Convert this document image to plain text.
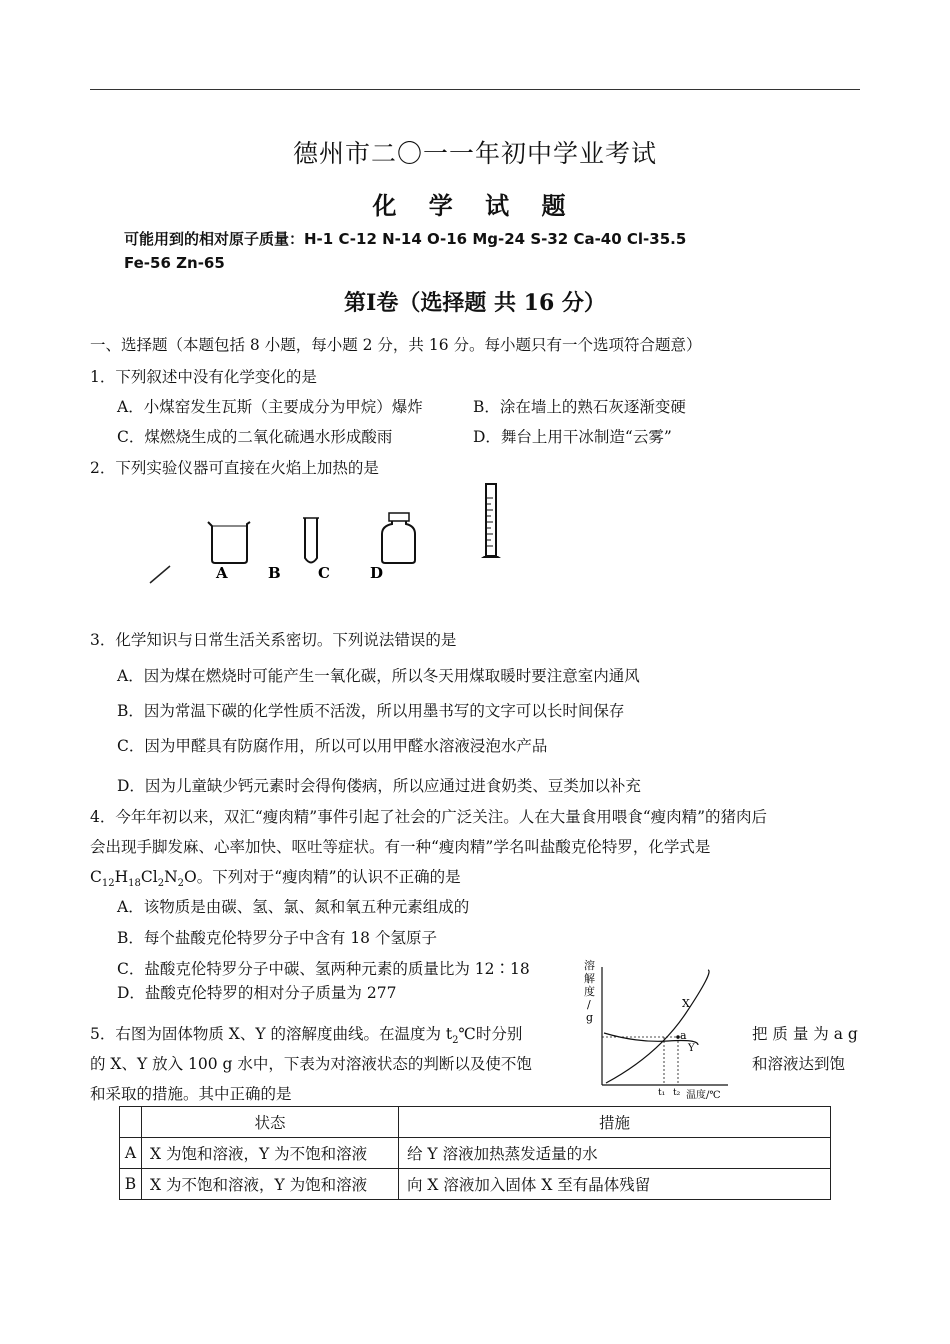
德州市二〇一一年初中学业考试
化 学 试 题
可能用到的相对原子质量：H-1 C-12 N-14 O-16 Mg-24 S-32 Ca-40 Cl-35.5
Fe-56 Zn-65
第Ⅰ卷（选择题 共 16 分）
一、选择题（本题包括 8 小题，每小题 2 分，共 16 分。每小题只有一个选项符合题意）
1．下列叙述中没有化学变化的是
A．小煤窑发生瓦斯（主要成分为甲烷）爆炸	B．涂在墙上的熟石灰逐渐变硬
C．煤燃烧生成的二氧化硫遇水形成酸雨	D．舞台上用干冰制造“云雾”
2．下列实验仪器可直接在火焰上加热的是
A	B C	D
3．化学知识与日常生活关系密切。下列说法错误的是
A．因为煤在燃烧时可能产生一氧化碳，所以冬天用煤取暖时要注意室内通风
B．因为常温下碳的化学性质不活泼，所以用墨书写的文字可以长时间保存
C．因为甲醛具有防腐作用，所以可以用甲醛水溶液浸泡水产品
D．因为儿童缺少钙元素时会得佝偻病，所以应通过进食奶类、豆类加以补充
4．今年年初以来，双汇“瘦肉精”事件引起了社会的广泛关注。人在大量食用喂食“瘦肉精”的猪肉后
会出现手脚发麻、心率加快、呕吐等症状。有一种“瘦肉精”学名叫盐酸克伦特罗，化学式是
$C_{12}H_{18}Cl_2N_2O$。下列对于“瘦肉精”的认识不正确的是
A．该物质是由碳、氢、氯、氮和氧五种元素组成的
B．每个盐酸克伦特罗分子中含有 18 个氢原子
C．盐酸克伦特罗分子中碳、氢两种元素的质量比为 12∶18
D．盐酸克伦特罗的相对分子质量为 277
5．右图为固体物质 X、Y 的溶解度曲线。在温度为 $t_2℃$时分别	把 质 量 为 a g
的 X、Y 放入 100 g 水中，下表为对溶液状态的判断以及使不饱	和溶液达到饱
和采取的措施。其中正确的是
溶
解
度
/
g
X
Y
a
t₁ t₂ 温度/℃
	状态	措施
A	X 为饱和溶液，Y 为不饱和溶液	给 Y 溶液加热蒸发适量的水
B	X 为不饱和溶液，Y 为饱和溶液	向 X 溶液加入固体 X 至有晶体残留
